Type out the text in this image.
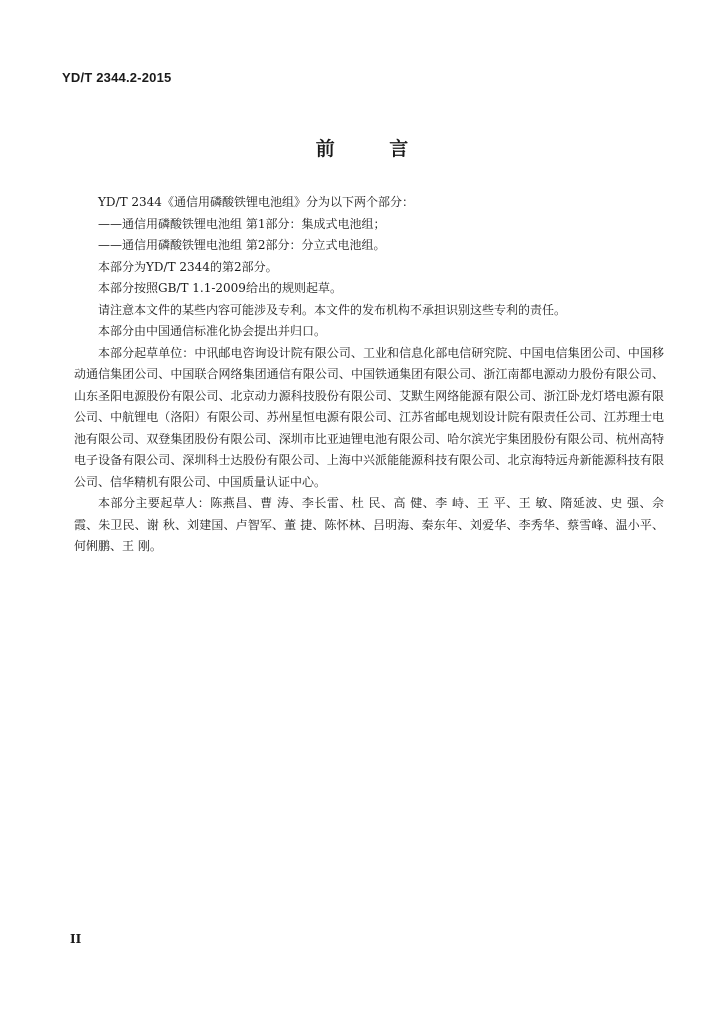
YD/T 2344.2-2015
前 言

YD/T 2344《通信用磷酸铁锂电池组》分为以下两个部分：

——通信用磷酸铁锂电池组 第1部分：集成式电池组；

——通信用磷酸铁锂电池组 第2部分：分立式电池组。

本部分为YD/T 2344的第2部分。

本部分按照GB/T 1.1-2009给出的规则起草。

请注意本文件的某些内容可能涉及专利。本文件的发布机构不承担识别这些专利的责任。

本部分由中国通信标准化协会提出并归口。

本部分起草单位：中讯邮电咨询设计院有限公司、工业和信息化部电信研究院、中国电信集团公司、中国移动通信集团公司、中国联合网络集团通信有限公司、中国铁通集团有限公司、浙江南都电源动力股份有限公司、山东圣阳电源股份有限公司、北京动力源科技股份有限公司、艾默生网络能源有限公司、浙江卧龙灯塔电源有限公司、中航锂电（洛阳）有限公司、苏州星恒电源有限公司、江苏省邮电规划设计院有限责任公司、江苏理士电池有限公司、双登集团股份有限公司、深圳市比亚迪锂电池有限公司、哈尔滨光宇集团股份有限公司、杭州高特电子设备有限公司、深圳科士达股份有限公司、上海中兴派能能源科技有限公司、北京海特远舟新能源科技有限公司、信华精机有限公司、中国质量认证中心。

本部分主要起草人：陈燕昌、曹 涛、李长雷、杜 民、高 健、李 峙、王 平、王 敏、隋延波、史 强、佘 霞、朱卫民、谢 秋、刘建国、卢智军、董 捷、陈怀林、吕明海、秦东年、刘爱华、李秀华、蔡雪峰、温小平、何俐鹏、王 刚。

II
